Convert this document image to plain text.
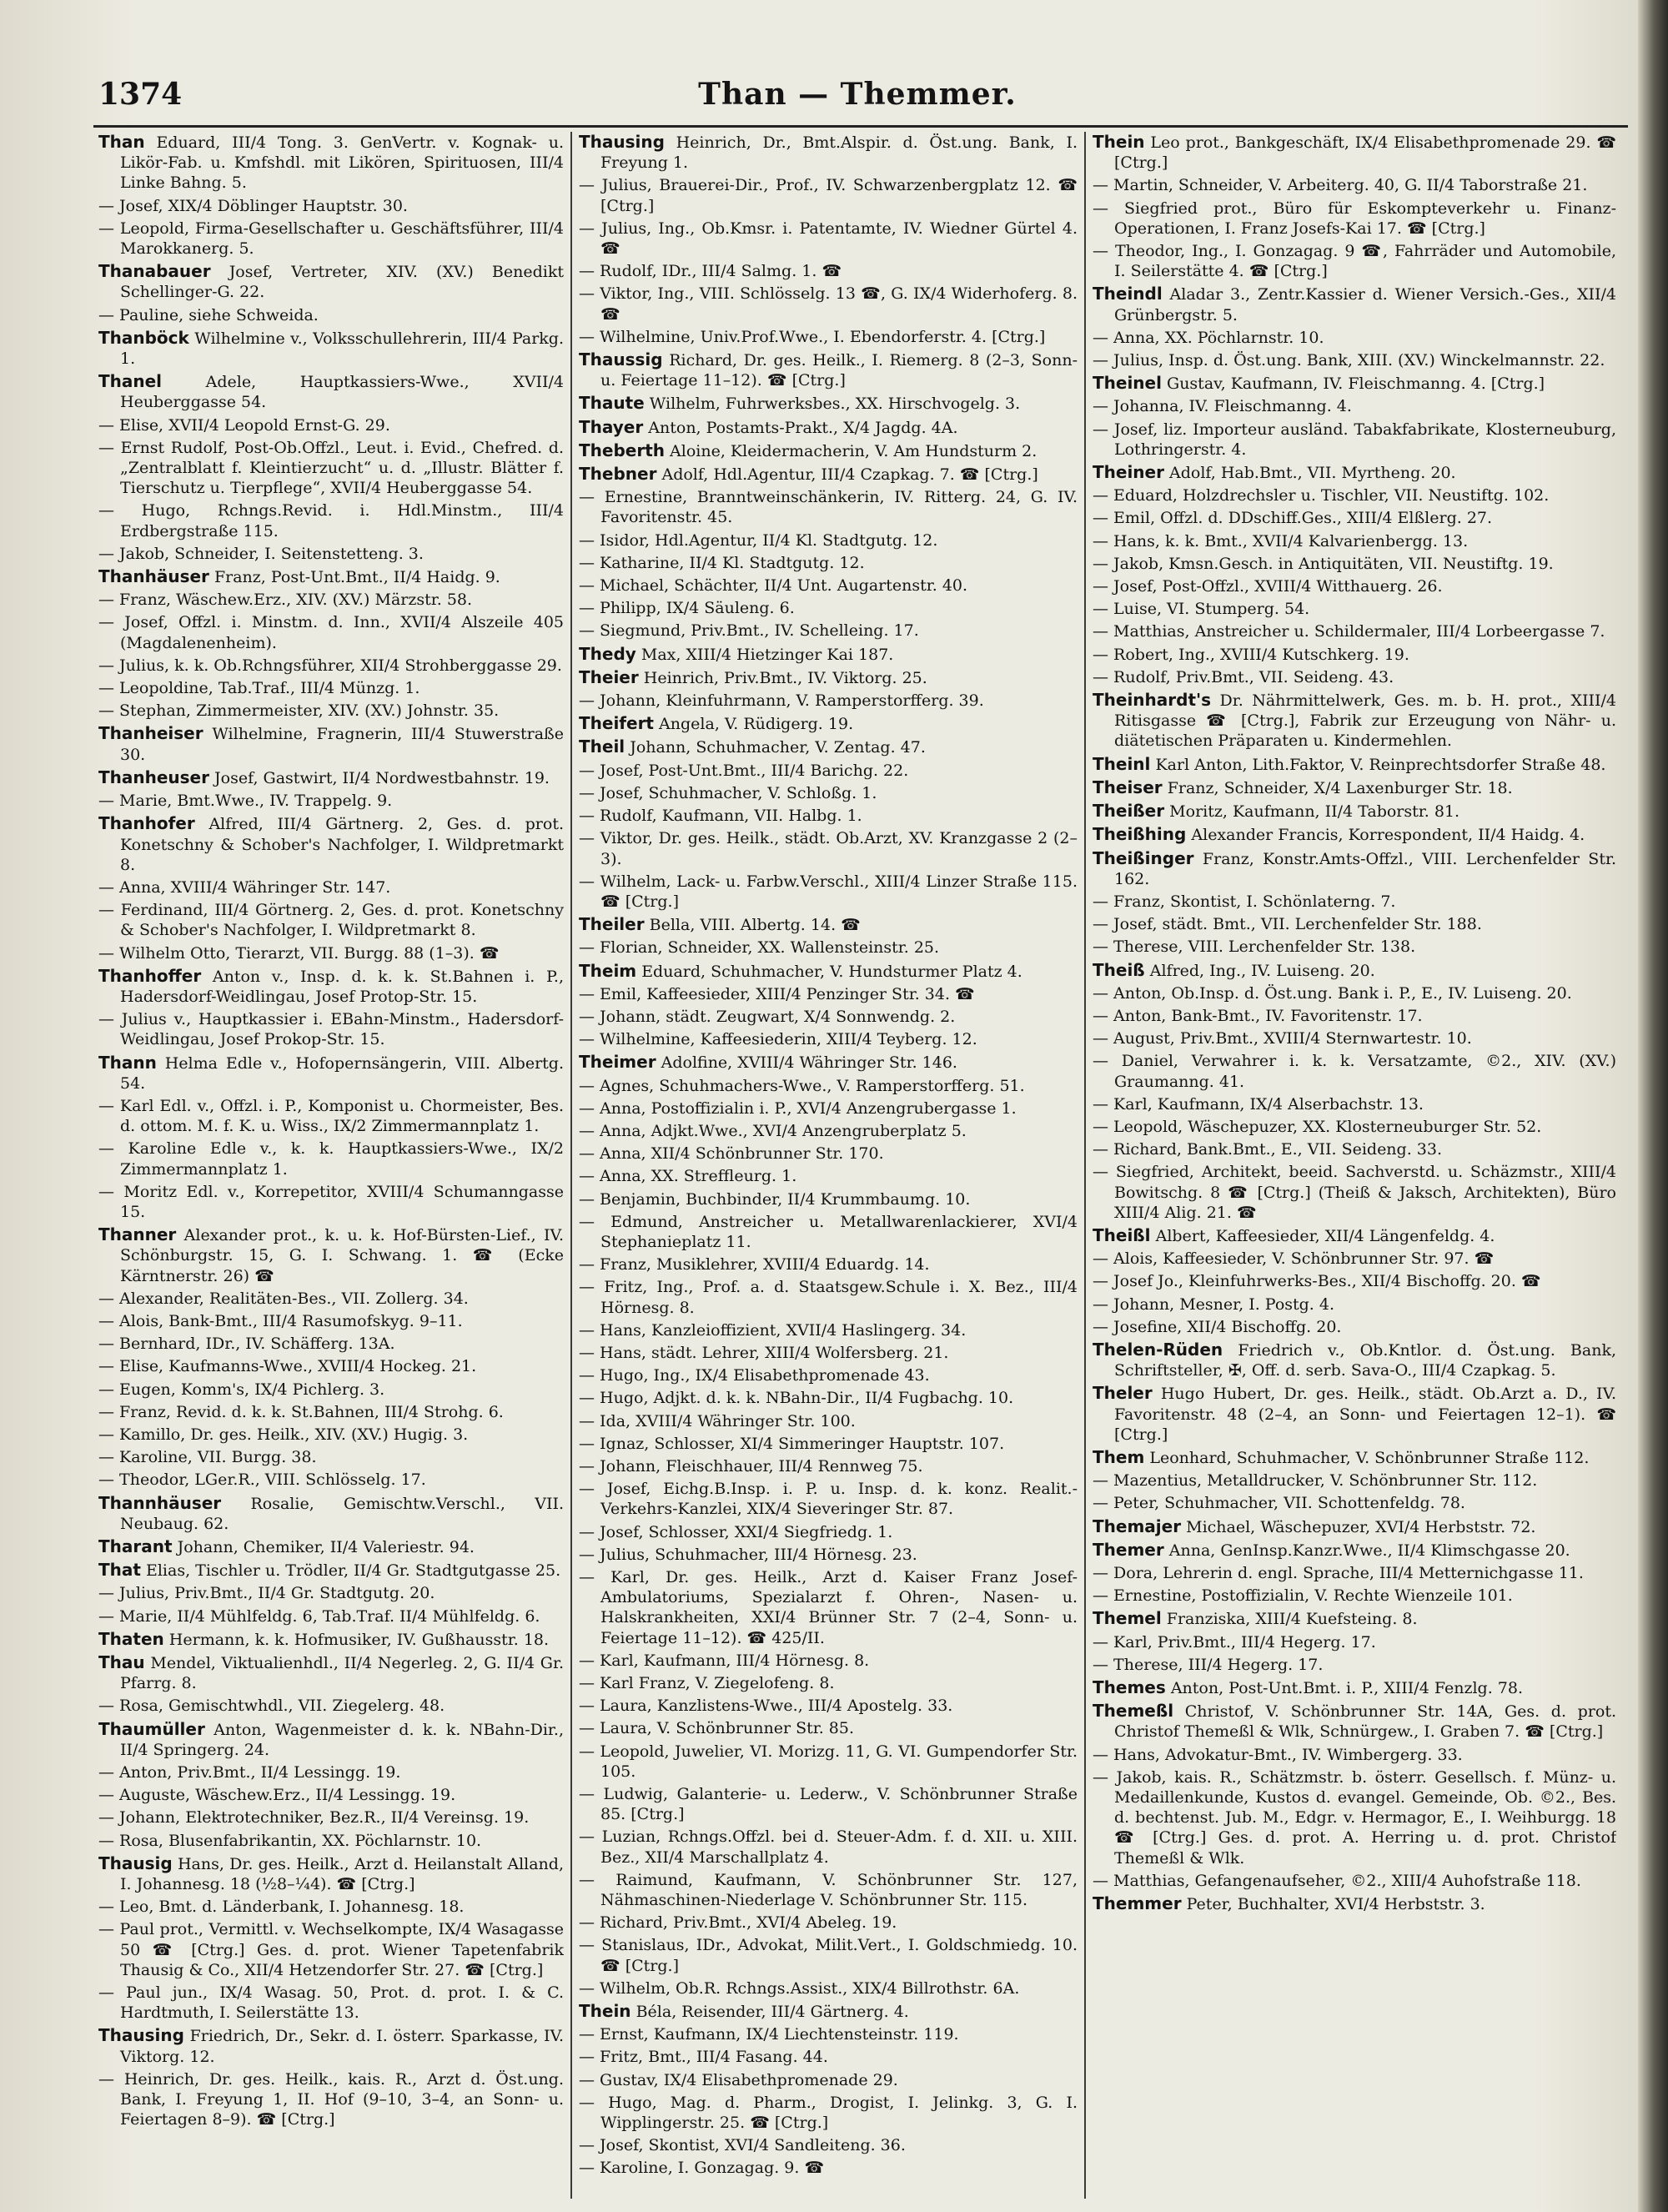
1374	Than — Themmer.
Than Eduard, III/4 Tong. 3. GenVertr. v. Kognak- u. Likör-Fab. u. Kmfshdl. mit Likören, Spirituosen, III/4 Linke Bahng. 5.
— Josef, XIX/4 Döblinger Hauptstr. 30.
— Leopold, Firma-Gesellschafter u. Geschäftsführer, III/4 Marokkanerg. 5.
Thanabauer Josef, Vertreter, XIV. (XV.) Benedikt Schellinger-G. 22.
— Pauline, siehe Schweida.
Thanböck Wilhelmine v., Volksschullehrerin, III/4 Parkg. 1.
Thanel	Adele, Hauptkassiers-Wwe., XVII/4 Heuberggasse 54.
— Elise, XVII/4 Leopold Ernst-G. 29.
— Ernst Rudolf, Post-Ob.Offzl., Leut. i. Evid., Chefred. d. „Zentralblatt f. Kleintierzucht“ u. d. „Illustr. Blätter f. Tierschutz u. Tierpflege“, XVII/4 Heuberggasse 54.
— Hugo, Rchngs.Revid. i. Hdl.Minstm., III/4 Erdbergstraße 115.
— Jakob, Schneider, I. Seitenstetteng. 3.
Thanhäuser Franz, Post-Unt.Bmt., II/4 Haidg. 9.
— Franz, Wäschew.Erz., XIV. (XV.) Märzstr. 58.
— Josef, Offzl. i. Minstm. d. Inn., XVII/4 Alszeile 405 (Magdalenenheim).
— Julius, k. k. Ob.Rchngsführer, XII/4 Strohberggasse 29.
— Leopoldine, Tab.Traf., III/4 Münzg. 1.
— Stephan, Zimmermeister, XIV. (XV.) Johnstr. 35.
Thanheiser Wilhelmine, Fragnerin, III/4 Stuwerstraße 30.
Thanheuser Josef, Gastwirt, II/4 Nordwestbahnstr. 19.
— Marie, Bmt.Wwe., IV. Trappelg. 9.
Thanhofer Alfred, III/4 Gärtnerg. 2, Ges. d. prot. Konetschny & Schober's Nachfolger, I. Wildpretmarkt 8.
— Anna, XVIII/4 Währinger Str. 147.
— Ferdinand, III/4 Görtnerg. 2, Ges. d. prot. Konetschny & Schober's Nachfolger, I. Wildpretmarkt 8.
— Wilhelm Otto, Tierarzt, VII. Burgg. 88 (1–3). ☎
Thanhoffer Anton v., Insp. d. k. k. St.Bahnen i. P., Hadersdorf-Weidlingau, Josef Protop-Str. 15.
— Julius v., Hauptkassier i. EBahn-Minstm., Hadersdorf-Weidlingau, Josef Prokop-Str. 15.
Thann Helma Edle v., Hofopernsängerin, VIII. Albertg. 54.
— Karl Edl. v., Offzl. i. P., Komponist u. Chormeister, Bes. d. ottom. M. f. K. u. Wiss., IX/2 Zimmermannplatz 1.
— Karoline Edle v., k. k. Hauptkassiers-Wwe., IX/2 Zimmermannplatz 1.
— Moritz Edl. v., Korrepetitor, XVIII/4 Schumanngasse 15.
Thanner Alexander prot., k. u. k. Hof-Bürsten-Lief., IV. Schönburgstr. 15, G. I. Schwang. 1. ☎ (Ecke Kärntnerstr. 26) ☎
— Alexander, Realitäten-Bes., VII. Zollerg. 34.
— Alois, Bank-Bmt., III/4 Rasumofskyg. 9–11.
— Bernhard, IDr., IV. Schäfferg. 13A.
— Elise, Kaufmanns-Wwe., XVIII/4 Hockeg. 21.
— Eugen, Komm's, IX/4 Pichlerg. 3.
— Franz, Revid. d. k. k. St.Bahnen, III/4 Strohg. 6.
— Kamillo, Dr. ges. Heilk., XIV. (XV.) Hugig. 3.
— Karoline, VII. Burgg. 38.
— Theodor, LGer.R., VIII. Schlösselg. 17.
Thannhäuser Rosalie, Gemischtw.Verschl., VII. Neubaug. 62.
Tharant Johann, Chemiker, II/4 Valeriestr. 94.
That Elias, Tischler u. Trödler, II/4 Gr. Stadtgutgasse 25.
— Julius, Priv.Bmt., II/4 Gr. Stadtgutg. 20.
— Marie, II/4 Mühlfeldg. 6, Tab.Traf. II/4 Mühlfeldg. 6.
Thaten Hermann, k. k. Hofmusiker, IV. Gußhausstr. 18.
Thau Mendel, Viktualienhdl., II/4 Negerleg. 2, G. II/4 Gr. Pfarrg. 8.
— Rosa, Gemischtwhdl., VII. Ziegelerg. 48.
Thaumüller Anton, Wagenmeister d. k. k. NBahn-Dir., II/4 Springerg. 24.
— Anton, Priv.Bmt., II/4 Lessingg. 19.
— Auguste, Wäschew.Erz., II/4 Lessingg. 19.
— Johann, Elektrotechniker, Bez.R., II/4 Vereinsg. 19.
— Rosa, Blusenfabrikantin, XX. Pöchlarnstr. 10.
Thausig Hans, Dr. ges. Heilk., Arzt d. Heilanstalt Alland, I. Johannesg. 18 (½8–¼4). ☎ [Ctrg.]
— Leo, Bmt. d. Länderbank, I. Johannesg. 18.
— Paul prot., Vermittl. v. Wechselkompte, IX/4 Wasagasse 50 ☎ [Ctrg.] Ges. d. prot. Wiener Tapetenfabrik Thausig & Co., XII/4 Hetzendorfer Str. 27. ☎ [Ctrg.]
— Paul jun., IX/4 Wasag. 50, Prot. d. prot. I. & C. Hardtmuth, I. Seilerstätte 13.
Thausing Friedrich, Dr., Sekr. d. I. österr. Sparkasse, IV. Viktorg. 12.
— Heinrich, Dr. ges. Heilk., kais. R., Arzt d. Öst.ung. Bank, I. Freyung 1, II. Hof (9–10, 3–4, an Sonn- u. Feiertagen 8–9). ☎ [Ctrg.]
Thausing Heinrich, Dr., Bmt.Alspir. d. Öst.ung. Bank, I. Freyung 1.
— Julius, Brauerei-Dir., Prof., IV. Schwarzenbergplatz 12. ☎ [Ctrg.]
— Julius, Ing., Ob.Kmsr. i. Patentamte, IV. Wiedner Gürtel 4. ☎
— Rudolf, IDr., III/4 Salmg. 1. ☎
— Viktor, Ing., VIII. Schlösselg. 13 ☎, G. IX/4 Widerhoferg. 8. ☎
— Wilhelmine, Univ.Prof.Wwe., I. Ebendorferstr. 4. [Ctrg.]
Thaussig Richard, Dr. ges. Heilk., I. Riemerg. 8 (2–3, Sonn- u. Feiertage 11–12). ☎ [Ctrg.]
Thaute Wilhelm, Fuhrwerksbes., XX. Hirschvogelg. 3.
Thayer Anton, Postamts-Prakt., X/4 Jagdg. 4A.
Theberth Aloine, Kleidermacherin, V. Am Hundsturm 2.
Thebner Adolf, Hdl.Agentur, III/4 Czapkag. 7. ☎ [Ctrg.]
— Ernestine, Branntweinschänkerin, IV. Ritterg. 24, G. IV. Favoritenstr. 45.
— Isidor, Hdl.Agentur, II/4 Kl. Stadtgutg. 12.
— Katharine, II/4 Kl. Stadtgutg. 12.
— Michael, Schächter, II/4 Unt. Augartenstr. 40.
— Philipp, IX/4 Säuleng. 6.
— Siegmund, Priv.Bmt., IV. Schelleing. 17.
Thedy Max, XIII/4 Hietzinger Kai 187.
Theier Heinrich, Priv.Bmt., IV. Viktorg. 25.
— Johann, Kleinfuhrmann, V. Ramperstorfferg. 39.
Theifert Angela, V. Rüdigerg. 19.
Theil Johann, Schuhmacher, V. Zentag. 47.
— Josef, Post-Unt.Bmt., III/4 Barichg. 22.
— Josef, Schuhmacher, V. Schloßg. 1.
— Rudolf, Kaufmann, VII. Halbg. 1.
— Viktor, Dr. ges. Heilk., städt. Ob.Arzt, XV. Kranzgasse 2 (2–3).
— Wilhelm, Lack- u. Farbw.Verschl., XIII/4 Linzer Straße 115. ☎ [Ctrg.]
Theiler Bella, VIII. Albertg. 14. ☎
— Florian, Schneider, XX. Wallensteinstr. 25.
Theim Eduard, Schuhmacher, V. Hundsturmer Platz 4.
— Emil, Kaffeesieder, XIII/4 Penzinger Str. 34. ☎
— Johann, städt. Zeugwart, X/4 Sonnwendg. 2.
— Wilhelmine, Kaffeesiederin, XIII/4 Teyberg. 12.
Theimer Adolfine, XVIII/4 Währinger Str. 146.
— Agnes, Schuhmachers-Wwe., V. Ramperstorfferg. 51.
— Anna, Postoffizialin i. P., XVI/4 Anzengrubergasse 1.
— Anna, Adjkt.Wwe., XVI/4 Anzengruberplatz 5.
— Anna, XII/4 Schönbrunner Str. 170.
— Anna, XX. Streffleurg. 1.
— Benjamin, Buchbinder, II/4 Krummbaumg. 10.
— Edmund, Anstreicher u. Metallwarenlackierer, XVI/4 Stephanieplatz 11.
— Franz, Musiklehrer, XVIII/4 Eduardg. 14.
— Fritz, Ing., Prof. a. d. Staatsgew.Schule i. X. Bez., III/4 Hörnesg. 8.
— Hans, Kanzleioffizient, XVII/4 Haslingerg. 34.
— Hans, städt. Lehrer, XIII/4 Wolfersberg. 21.
— Hugo, Ing., IX/4 Elisabethpromenade 43.
— Hugo, Adjkt. d. k. k. NBahn-Dir., II/4 Fugbachg. 10.
— Ida, XVIII/4 Währinger Str. 100.
— Ignaz, Schlosser, XI/4 Simmeringer Hauptstr. 107.
— Johann, Fleischhauer, III/4 Rennweg 75.
— Josef, Eichg.B.Insp. i. P. u. Insp. d. k. konz. Realit.-Verkehrs-Kanzlei, XIX/4 Sieveringer Str. 87.
— Josef, Schlosser, XXI/4 Siegfriedg. 1.
— Julius, Schuhmacher, III/4 Hörnesg. 23.
— Karl, Dr. ges. Heilk., Arzt d. Kaiser Franz Josef-Ambulatoriums, Spezialarzt f. Ohren-, Nasen- u. Halskrankheiten, XXI/4 Brünner Str. 7 (2–4, Sonn- u. Feiertage 11–12). ☎ 425/II.
— Karl, Kaufmann, III/4 Hörnesg. 8.
— Karl Franz, V. Ziegelofeng. 8.
— Laura, Kanzlistens-Wwe., III/4 Apostelg. 33.
— Laura, V. Schönbrunner Str. 85.
— Leopold, Juwelier, VI. Morizg. 11, G. VI. Gumpendorfer Str. 105.
— Ludwig, Galanterie- u. Lederw., V. Schönbrunner Straße 85. [Ctrg.]
— Luzian, Rchngs.Offzl. bei d. Steuer-Adm. f. d. XII. u. XIII. Bez., XII/4 Marschallplatz 4.
— Raimund, Kaufmann, V. Schönbrunner Str. 127, Nähmaschinen-Niederlage V. Schönbrunner Str. 115.
— Richard, Priv.Bmt., XVI/4 Abeleg. 19.
— Stanislaus, IDr., Advokat, Milit.Vert., I. Goldschmiedg. 10. ☎ [Ctrg.]
— Wilhelm, Ob.R. Rchngs.Assist., XIX/4 Billrothstr. 6A.
Thein Béla, Reisender, III/4 Gärtnerg. 4.
— Ernst, Kaufmann, IX/4 Liechtensteinstr. 119.
— Fritz, Bmt., III/4 Fasang. 44.
— Gustav, IX/4 Elisabethpromenade 29.
— Hugo, Mag. d. Pharm., Drogist, I. Jelinkg. 3, G. I. Wipplingerstr. 25. ☎ [Ctrg.]
— Josef, Skontist, XVI/4 Sandleiteng. 36.
— Karoline, I. Gonzagag. 9. ☎
Thein Leo prot., Bankgeschäft, IX/4 Elisabethpromenade 29. ☎ [Ctrg.]
— Martin, Schneider, V. Arbeiterg. 40, G. II/4 Taborstraße 21.
— Siegfried prot., Büro für Eskompteverkehr u. Finanz-Operationen, I. Franz Josefs-Kai 17. ☎ [Ctrg.]
— Theodor, Ing., I. Gonzagag. 9 ☎, Fahrräder und Automobile, I. Seilerstätte 4. ☎ [Ctrg.]
Theindl Aladar 3., Zentr.Kassier d. Wiener Versich.-Ges., XII/4 Grünbergstr. 5.
— Anna, XX. Pöchlarnstr. 10.
— Julius, Insp. d. Öst.ung. Bank, XIII. (XV.) Winckelmannstr. 22.
Theinel Gustav, Kaufmann, IV. Fleischmanng. 4. [Ctrg.]
— Johanna, IV. Fleischmanng. 4.
— Josef, liz. Importeur ausländ. Tabakfabrikate, Klosterneuburg, Lothringerstr. 4.
Theiner Adolf, Hab.Bmt., VII. Myrtheng. 20.
— Eduard, Holzdrechsler u. Tischler, VII. Neustiftg. 102.
— Emil, Offzl. d. DDschiff.Ges., XIII/4 Elßlerg. 27.
— Hans, k. k. Bmt., XVII/4 Kalvarienbergg. 13.
— Jakob, Kmsn.Gesch. in Antiquitäten, VII. Neustiftg. 19.
— Josef, Post-Offzl., XVIII/4 Witthauerg. 26.
— Luise, VI. Stumperg. 54.
— Matthias, Anstreicher u. Schildermaler, III/4 Lorbeergasse 7.
— Robert, Ing., XVIII/4 Kutschkerg. 19.
— Rudolf, Priv.Bmt., VII. Seideng. 43.
Theinhardt's Dr. Nährmittelwerk, Ges. m. b. H. prot., XIII/4 Ritisgasse ☎ [Ctrg.], Fabrik zur Erzeugung von Nähr- u. diätetischen Präparaten u. Kindermehlen.
Theinl Karl Anton, Lith.Faktor, V. Reinprechtsdorfer Straße 48.
Theiser Franz, Schneider, X/4 Laxenburger Str. 18.
Theißer Moritz, Kaufmann, II/4 Taborstr. 81.
Theißhing Alexander Francis, Korrespondent, II/4 Haidg. 4.
Theißinger Franz, Konstr.Amts-Offzl., VIII. Lerchenfelder Str. 162.
— Franz, Skontist, I. Schönlaterng. 7.
— Josef, städt. Bmt., VII. Lerchenfelder Str. 188.
— Therese, VIII. Lerchenfelder Str. 138.
Theiß Alfred, Ing., IV. Luiseng. 20.
— Anton, Ob.Insp. d. Öst.ung. Bank i. P., E., IV. Luiseng. 20.
— Anton, Bank-Bmt., IV. Favoritenstr. 17.
— August, Priv.Bmt., XVIII/4 Sternwartestr. 10.
— Daniel, Verwahrer i. k. k. Versatzamte, ©2., XIV. (XV.) Graumanng. 41.
— Karl, Kaufmann, IX/4 Alserbachstr. 13.
— Leopold, Wäschepuzer, XX. Klosterneuburger Str. 52.
— Richard, Bank.Bmt., E., VII. Seideng. 33.
— Siegfried, Architekt, beeid. Sachverstd. u. Schäzmstr., XIII/4 Bowitschg. 8 ☎ [Ctrg.] (Theiß & Jaksch, Architekten), Büro XIII/4 Alig. 21. ☎
Theißl Albert, Kaffeesieder, XII/4 Längenfeldg. 4.
— Alois, Kaffeesieder, V. Schönbrunner Str. 97. ☎
— Josef Jo., Kleinfuhrwerks-Bes., XII/4 Bischoffg. 20. ☎
— Johann, Mesner, I. Postg. 4.
— Josefine, XII/4 Bischoffg. 20.
Thelen-Rüden Friedrich v., Ob.Kntlor. d. Öst.ung. Bank, Schriftsteller, ✠, Off. d. serb. Sava-O., III/4 Czapkag. 5.
Theler Hugo Hubert, Dr. ges. Heilk., städt. Ob.Arzt a. D., IV. Favoritenstr. 48 (2–4, an Sonn- und Feiertagen 12–1). ☎ [Ctrg.]
Them Leonhard, Schuhmacher, V. Schönbrunner Straße 112.
— Mazentius, Metalldrucker, V. Schönbrunner Str. 112.
— Peter, Schuhmacher, VII. Schottenfeldg. 78.
Themajer Michael, Wäschepuzer, XVI/4 Herbststr. 72.
Themer Anna, GenInsp.Kanzr.Wwe., II/4 Klimschgasse 20.
— Dora, Lehrerin d. engl. Sprache, III/4 Metternichgasse 11.
— Ernestine, Postoffizialin, V. Rechte Wienzeile 101.
Themel Franziska, XIII/4 Kuefsteing. 8.
— Karl, Priv.Bmt., III/4 Hegerg. 17.
— Therese, III/4 Hegerg. 17.
Themes Anton, Post-Unt.Bmt. i. P., XIII/4 Fenzlg. 78.
Themeßl Christof, V. Schönbrunner Str. 14A, Ges. d. prot. Christof Themeßl & Wlk, Schnürgew., I. Graben 7. ☎ [Ctrg.]
— Hans, Advokatur-Bmt., IV. Wimbergerg. 33.
— Jakob, kais. R., Schätzmstr. b. österr. Gesellsch. f. Münz- u. Medaillenkunde, Kustos d. evangel. Gemeinde, Ob. ©2., Bes. d. bechtenst. Jub. M., Edgr. v. Hermagor, E., I. Weihburgg. 18 ☎ [Ctrg.] Ges. d. prot. A. Herring u. d. prot. Christof Themeßl & Wlk.
— Matthias, Gefangenaufseher, ©2., XIII/4 Auhofstraße 118.
Themmer Peter, Buchhalter, XVI/4 Herbststr. 3.
